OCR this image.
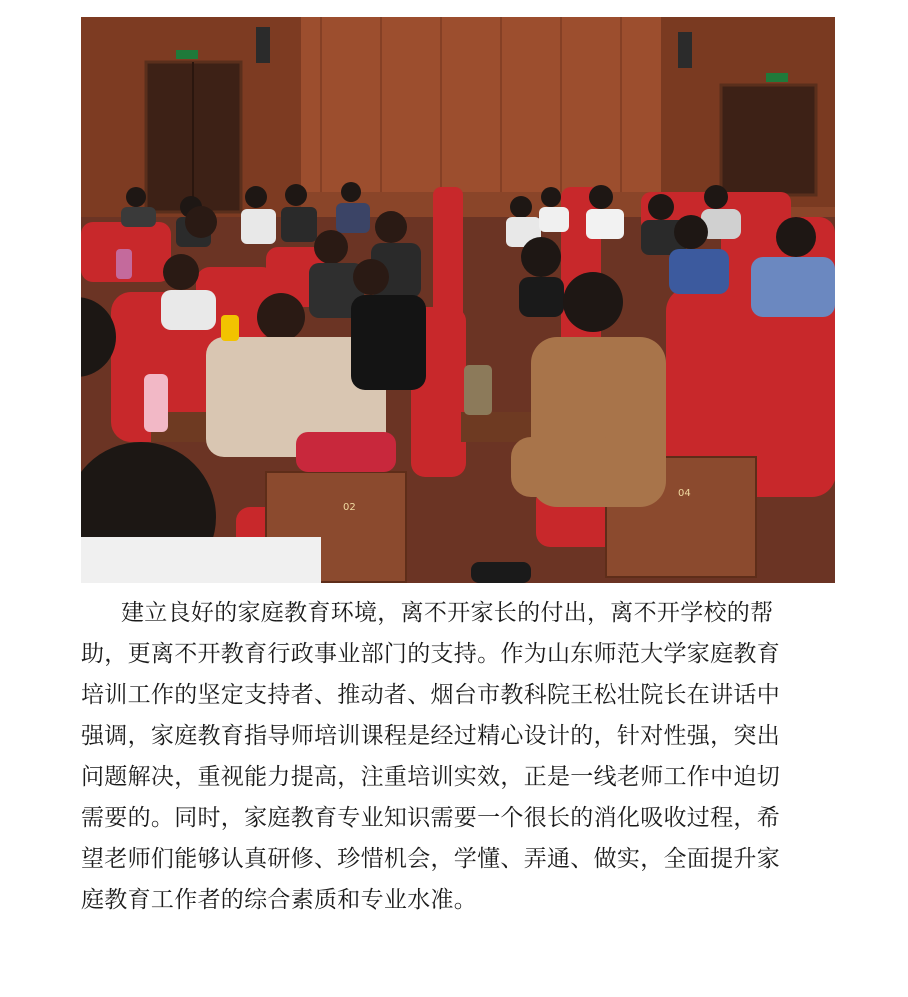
02
04

建立良好的家庭教育环境，离不开家长的付出，离不开学校的帮

助，更离不开教育行政事业部门的支持。作为山东师范大学家庭教育

培训工作的坚定支持者、推动者、烟台市教科院王松壮院长在讲话中

强调，家庭教育指导师培训课程是经过精心设计的，针对性强，突出

问题解决，重视能力提高，注重培训实效，正是一线老师工作中迫切

需要的。同时，家庭教育专业知识需要一个很长的消化吸收过程，希

望老师们能够认真研修、珍惜机会，学懂、弄通、做实，全面提升家

庭教育工作者的综合素质和专业水准。
